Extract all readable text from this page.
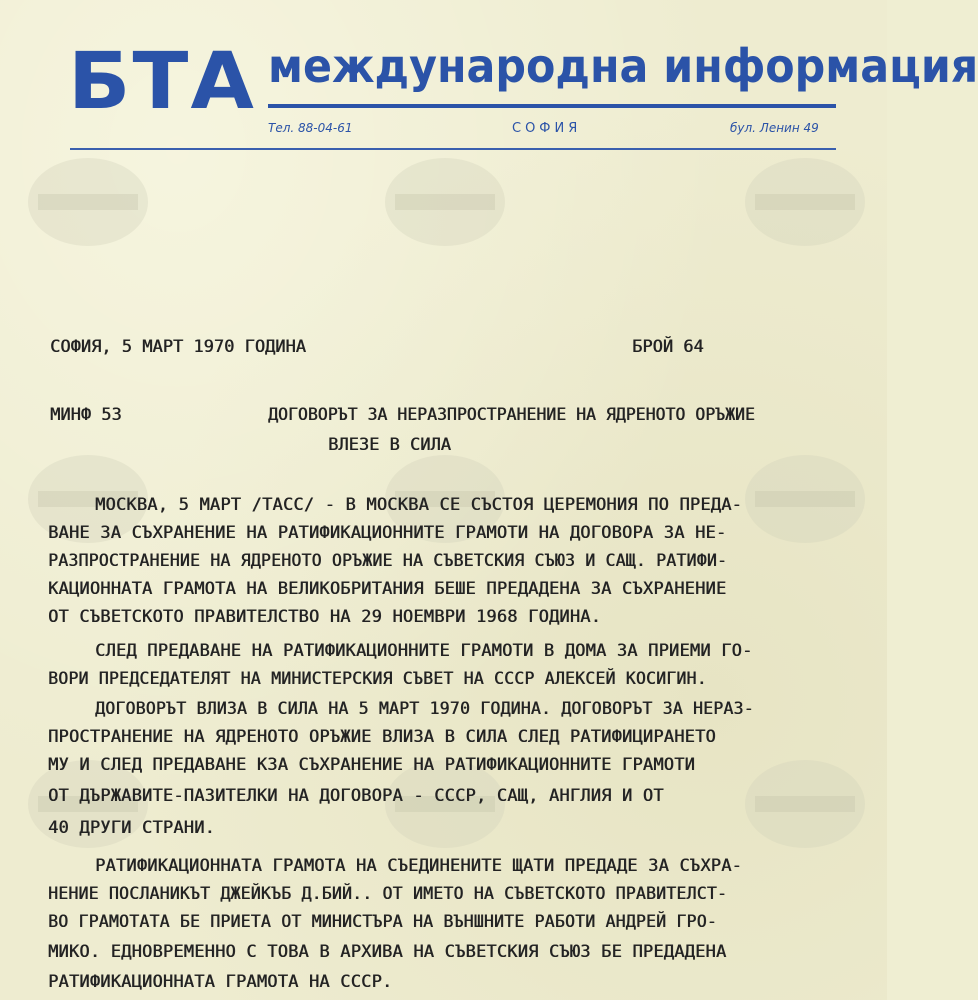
БТА международна информация
Тел. 88-04-61	СОФИЯ	бул. Ленин 49
СОФИЯ, 5 МАРТ 1970 ГОДИНА	БРОЙ 64
МИНФ 53	ДОГОВОРЪТ ЗА НЕРАЗПРОСТРАНЕНИЕ НА ЯДРЕНОТО ОРЪЖИЕ
ВЛЕЗЕ В СИЛА
МОСКВА, 5 МАРТ /ТАСС/ - В МОСКВА СЕ СЪСТОЯ ЦЕРЕМОНИЯ ПО ПРЕДА-
ВАНЕ ЗА СЪХРАНЕНИЕ НА РАТИФИКАЦИОННИТЕ ГРАМОТИ НА ДОГОВОРА ЗА НЕ-
РАЗПРОСТРАНЕНИЕ НА ЯДРЕНОТО ОРЪЖИЕ НА СЪВЕТСКИЯ СЪЮЗ И САЩ. РАТИФИ-
КАЦИОННАТА ГРАМОТА НА ВЕЛИКОБРИТАНИЯ БЕШЕ ПРЕДАДЕНА ЗА СЪХРАНЕНИЕ
ОТ СЪВЕТСКОТО ПРАВИТЕЛСТВО НА 29 НОЕМВРИ 1968 ГОДИНА.
СЛЕД ПРЕДАВАНЕ НА РАТИФИКАЦИОННИТЕ ГРАМОТИ В ДОМА ЗА ПРИЕМИ ГО-
ВОРИ ПРЕДСЕДАТЕЛЯТ НА МИНИСТЕРСКИЯ СЪВЕТ НА СССР АЛЕКСЕЙ КОСИГИН.
ДОГОВОРЪТ ВЛИЗА В СИЛА НА 5 МАРТ 1970 ГОДИНА. ДОГОВОРЪТ ЗА НЕРАЗ-
ПРОСТРАНЕНИЕ НА ЯДРЕНОТО ОРЪЖИЕ ВЛИЗА В СИЛА СЛЕД РАТИФИЦИРАНЕТО
МУ И СЛЕД ПРЕДАВАНЕ КЗА СЪХРАНЕНИЕ НА РАТИФИКАЦИОННИТЕ ГРАМОТИ
ОТ ДЪРЖАВИТЕ-ПАЗИТЕЛКИ НА ДОГОВОРА - СССР, САЩ, АНГЛИЯ И ОТ
40 ДРУГИ СТРАНИ.
РАТИФИКАЦИОННАТА ГРАМОТА НА СЪЕДИНЕНИТЕ ЩАТИ ПРЕДАДЕ ЗА СЪХРА-
НЕНИЕ ПОСЛАНИКЪТ ДЖЕЙКЪБ Д.БИЙ.. ОТ ИМЕТО НА СЪВЕТСКОТО ПРАВИТЕЛСТ-
ВО ГРАМОТАТА БЕ ПРИЕТА ОТ МИНИСТЪРА НА ВЪНШНИТЕ РАБОТИ АНДРЕЙ ГРО-
МИКО. ЕДНОВРЕМЕННО С ТОВА В АРХИВА НА СЪВЕТСКИЯ СЪЮЗ БЕ ПРЕДАДЕНА
РАТИФИКАЦИОННАТА ГРАМОТА НА СССР.
